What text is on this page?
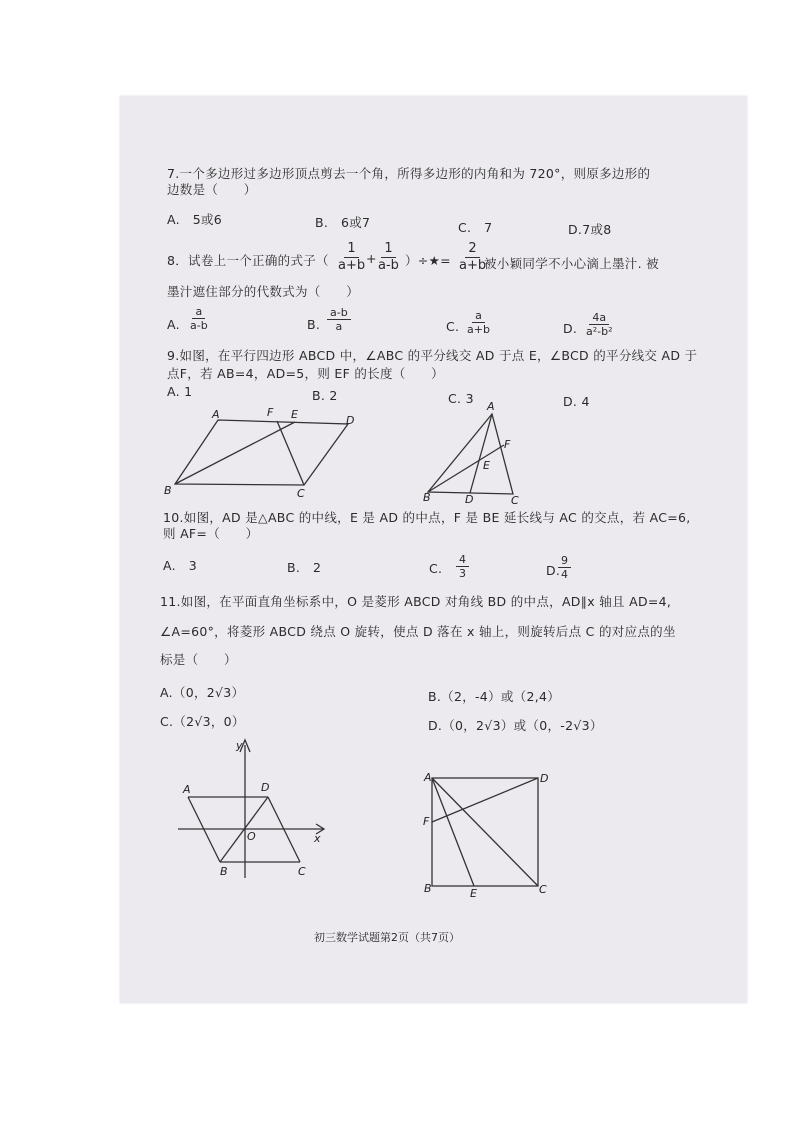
7.一个多边形过多边形顶点剪去一个角，所得多边形的内角和为 720°，则原多边形的
边数是（　　）
A.　5或6	B.　6或7	C.　7	D.7或8
8．试卷上一个正确的式子（ $\frac{1}{a+b}$
+
$\frac{1}{a-b}$ ）÷★= $\frac{2}{a+b}$
被小颖同学不小心滴上墨汁. 被
墨汁遮住部分的代数式为（　　）
A. $\frac{a}{a-b}$	B. $\frac{a-b}{a}$	C. $\frac{a}{a+b}$	D. $\frac{4a}{\text{a²-b²}}$
9.如图，在平行四边形 ABCD 中，∠ABC 的平分线交 AD 于点 E，∠BCD 的平分线交 AD 于
点F，若 AB=4，AD=5，则 EF 的长度（　　）
A. 1	B. 2	C. 3	D. 4
A	F E	D
B	C
A
F
E
B	D	C
10.如图，AD 是△ABC 的中线，E 是 AD 的中点，F 是 BE 延长线与 AC 的交点，若 AC=6,
则 AF=（　　）
A.　3	B.　2	C. $\frac{4}{3}$	D.
$\frac{9}{4}$
11.如图，在平面直角坐标系中，O 是菱形 ABCD 对角线 BD 的中点，AD∥x 轴且 AD=4,
∠A=60°，将菱形 ABCD 绕点 O 旋转，使点 D 落在 x 轴上，则旋转后点 C 的对应点的坐
标是（　　）
A.（0，2√3）	B.（2，-4）或（2,4）
C.（2√3，0）	D.（0，2√3）或（0，-2√3）
y
x
A	D
O
B	C
A	D
F
B	E	C
初三数学试题第2页（共7页）
